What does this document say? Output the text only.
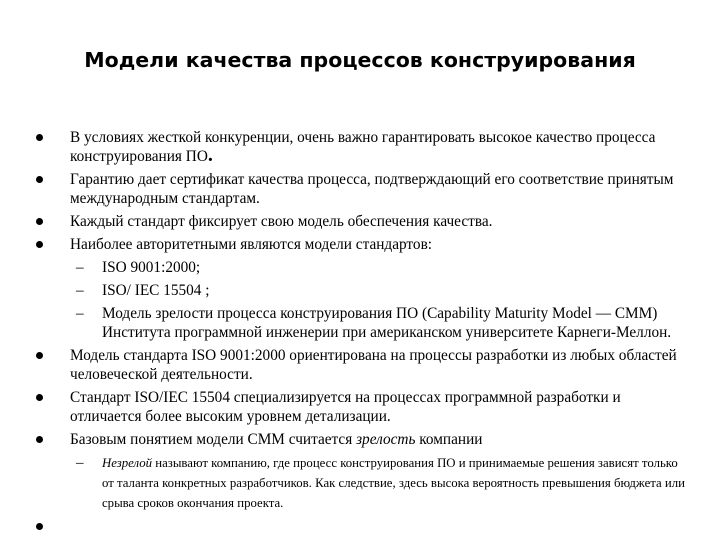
Модели качества процессов конструирования
В условиях жесткой конкуренции, очень важно гарантировать высокое качество процесса конструирования ПО.
Гарантию дает сертификат качества процесса, подтверждающий его соответствие принятым международным стандартам.
Каждый стандарт фиксирует свою модель обеспечения качества.
Наиболее авторитетными являются модели стандартов:
– ISO 9001:2000;
– ISO/ IEC 15504 ;
– Модель зрелости процесса конструирования ПО (Capability Maturity Model — CMM) Института программной инженерии при американском университете Карнеги-Меллон.
Модель стандарта ISO 9001:2000 ориентирована на процессы разработки из любых областей человеческой деятельности.
Стандарт ISO/IEC 15504 специализируется на процессах программной разработки и отличается более высоким уровнем детализации.
Базовым понятием модели СММ считается зрелость компании
– Незрелой называют компанию, где процесс конструирования ПО и принимаемые решения зависят только от таланта конкретных разработчиков. Как следствие, здесь высока вероятность превышения бюджета или срыва сроков окончания проекта.
